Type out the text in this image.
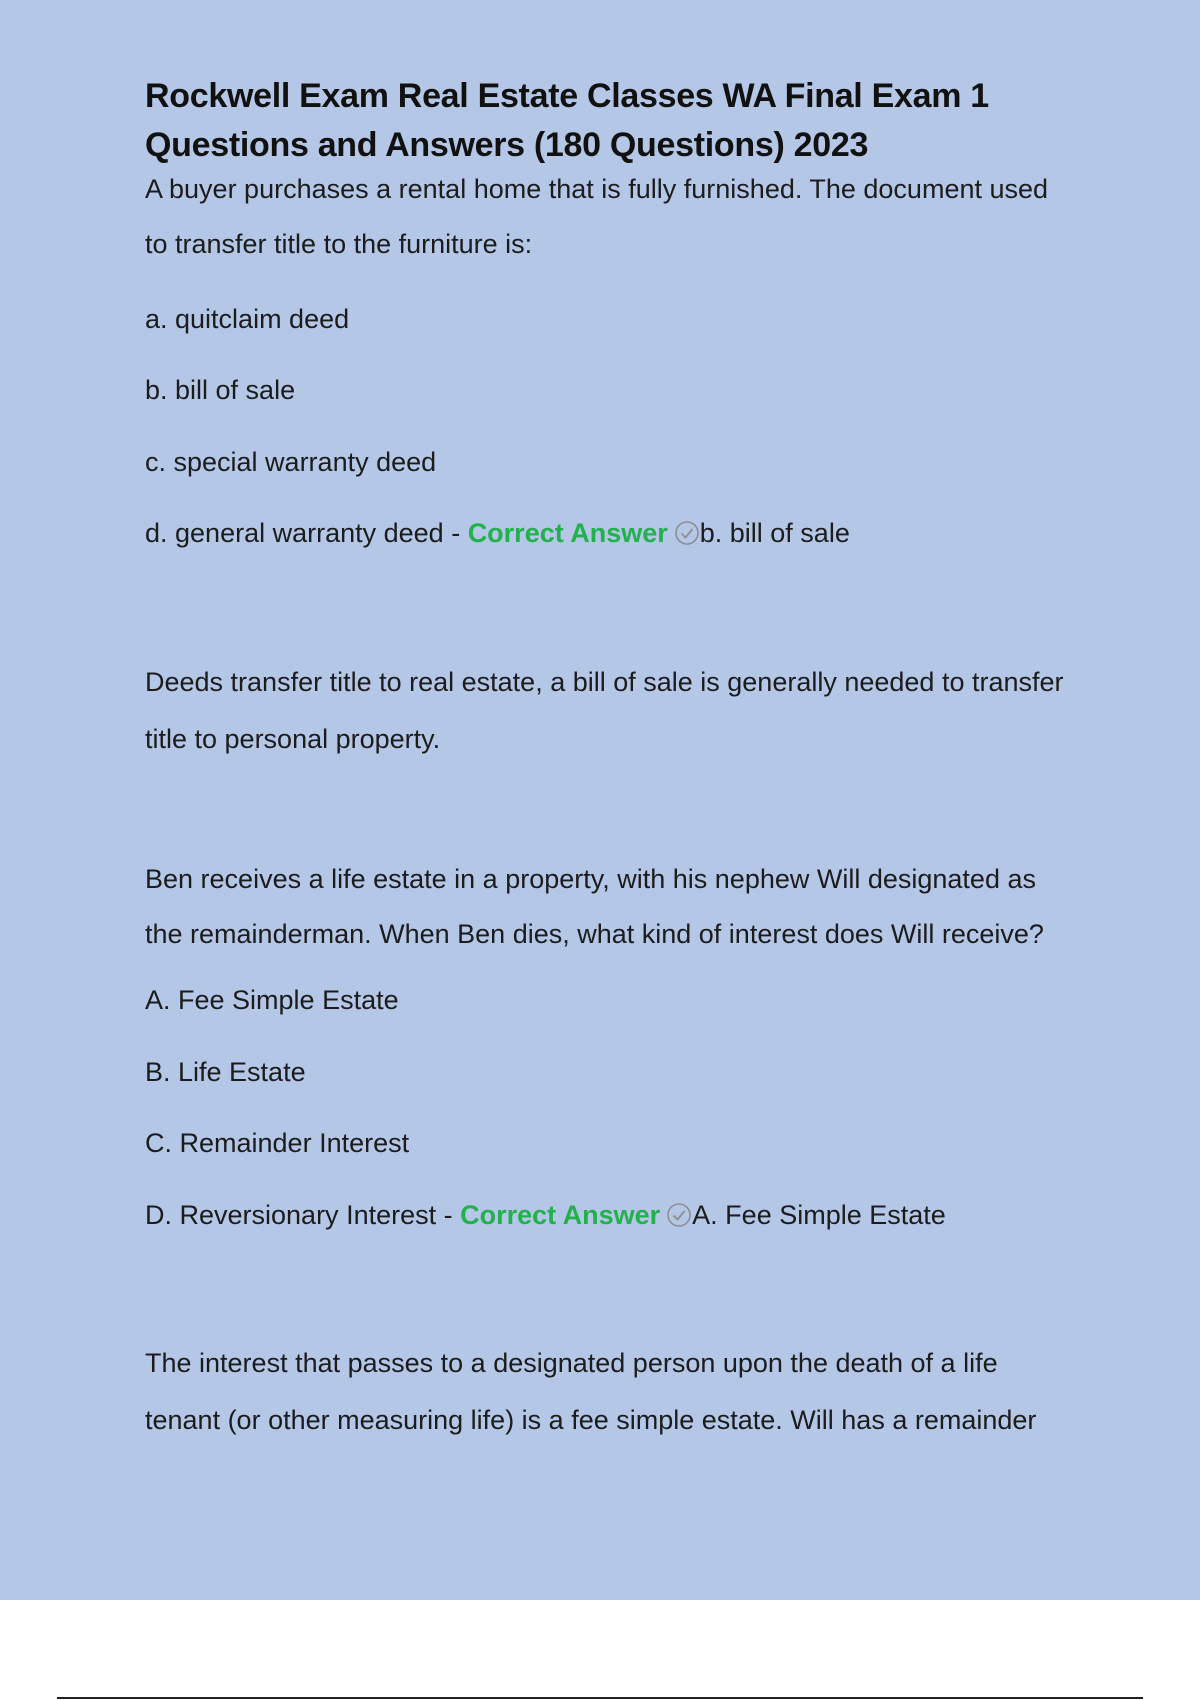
Rockwell Exam Real Estate Classes WA Final Exam 1
Questions and Answers (180 Questions) 2023

A buyer purchases a rental home that is fully furnished. The document used
to transfer title to the furniture is:

a. quitclaim deed

b. bill of sale

c. special warranty deed

d. general warranty deed - Correct Answer b. bill of sale

Deeds transfer title to real estate, a bill of sale is generally needed to transfer
title to personal property.

Ben receives a life estate in a property, with his nephew Will designated as
the remainderman. When Ben dies, what kind of interest does Will receive?

A. Fee Simple Estate

B. Life Estate

C. Remainder Interest

D. Reversionary Interest - Correct Answer A. Fee Simple Estate

The interest that passes to a designated person upon the death of a life
tenant (or other measuring life) is a fee simple estate. Will has a remainder
